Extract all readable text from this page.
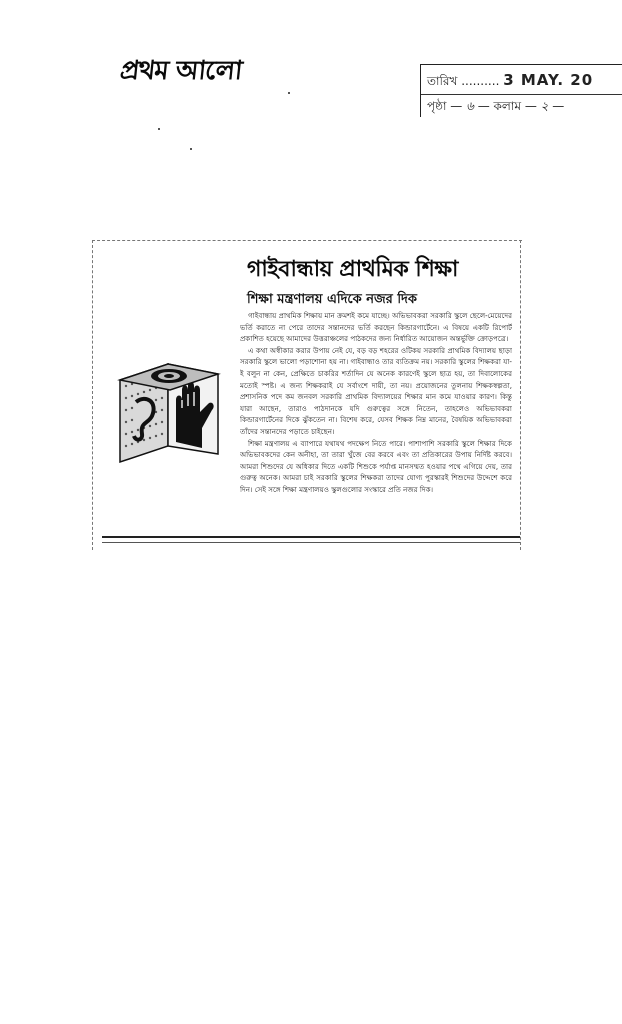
প্রথম আলো	তারিখ .......... 3 MAY. 20
পৃষ্ঠা — ৬ — কলাম — ২ —
গাইবান্ধায় প্রাথমিক শিক্ষা
শিক্ষা মন্ত্রণালয় এদিকে নজর দিক

গাইবান্ধায় প্রাথমিক শিক্ষায় মান ক্রমশই কমে যাচ্ছে। অভিভাবকরা সরকারি স্কুলে ছেলে-মেয়েদের ভর্তি করাতে না পেরে তাদের সন্তানদের ভর্তি করছেন কিন্ডারগার্টেনে। এ বিষয়ে একটি রিপোর্ট প্রকাশিত হয়েছে আমাদের উত্তরাঞ্চলের পাঠকদের জন্য নির্ধারিত আয়োজন অন্তর্ভুক্তি ক্রোড়পত্রে।

এ কথা অস্বীকার করার উপায় নেই যে, বড় বড় শহরের ওটিকয় সরকারি প্রাথমিক বিদ্যালয় ছাড়া সরকারি স্কুলে ভালো পড়াশোনা হয় না। গাইবান্ধাও তার ব্যতিক্রম নয়। সরকারি স্কুলের শিক্ষকরা যা-ই বলুন না কেন, প্রেক্ষিতে চাকরির শর্তাদিন যে অনেক কারণেই স্কুলে ছাত্র হয়, তা দিবালোকের মতোই স্পষ্ট। এ জন্য শিক্ষকরাই যে সর্বাংশে দায়ী, তা নয়। প্রয়োজনের তুলনায় শিক্ষকস্বল্পতা, প্রশাসনিক পদে কম জনবল সরকারি প্রাথমিক বিদ্যালয়ের শিক্ষার মান কমে যাওয়ার কারণ। কিন্তু যারা আছেন, তারাও পাঠদানকে যদি গুরুত্বের সঙ্গে নিতেন, তাহলেও অভিভাবকরা কিন্ডারগার্টেনের দিকে ঝুঁকতেন না। বিশেষ করে, যেসব শিক্ষক নিম্ন মানের, বৈষয়িক অভিভাবকরা তাঁদের সন্তানদের পড়াতে চাইছেন।

শিক্ষা মন্ত্রণালয় এ ব্যাপারে যথাযথ পদক্ষেপ নিতে পারে। পাশাপাশি সরকারি স্কুলে শিক্ষার দিকে অভিভাবকদের কেন অনীহা, তা তারা খুঁজে বের করবে এবং তা প্রতিকারের উপায় নির্দিষ্ট করবে। আমরা শিশুদের যে অধিকার দিতে একটি শিশুকে পর্যাপ্ত মানসম্মত হওয়ার পথে এগিয়ে দেয়, তার গুরুত্ব অনেক। আমরা চাই সরকারি স্কুলের শিক্ষকরা তাদের যোগ্য পুরস্কারই শিশুদের উদ্দেশে করে দিন। সেই সঙ্গে শিক্ষা মন্ত্রণালয়ও স্কুলগুলোর সংস্কারে প্রতি নজর দিক।
